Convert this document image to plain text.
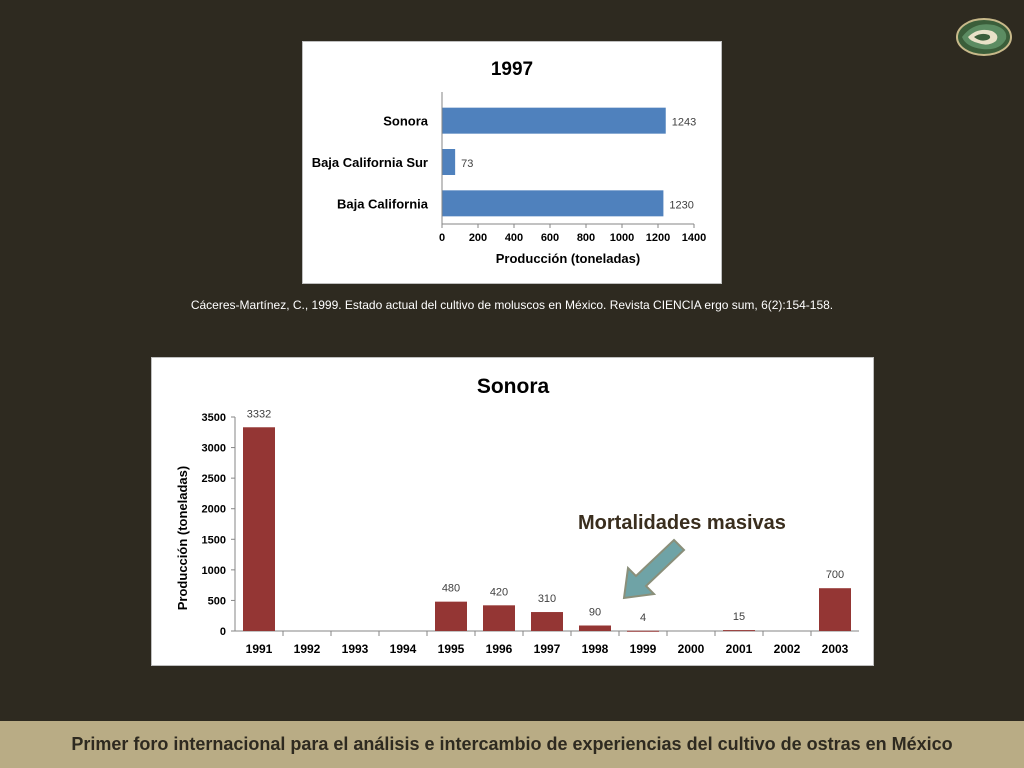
1997
Sonora	1243
Baja California Sur	73
Baja California	1230
0 200 400 600 800 1000 1200 1400
Producción (toneladas)
Cáceres-Martínez, C., 1999. Estado actual del cultivo de moluscos en México. Revista CIENCIA ergo sum, 6(2):154-158.
Sonora
0
500
1000
1500
2000
2500
3000
3500
Producción (toneladas)
1991
3332
1992 1993 1994 1995
480
1996
420
1997
310
1998
90
1999
4
2000 2001
15
2002 2003
700
Mortalidades masivas
Primer foro internacional para el análisis e intercambio de experiencias del cultivo de ostras en México
